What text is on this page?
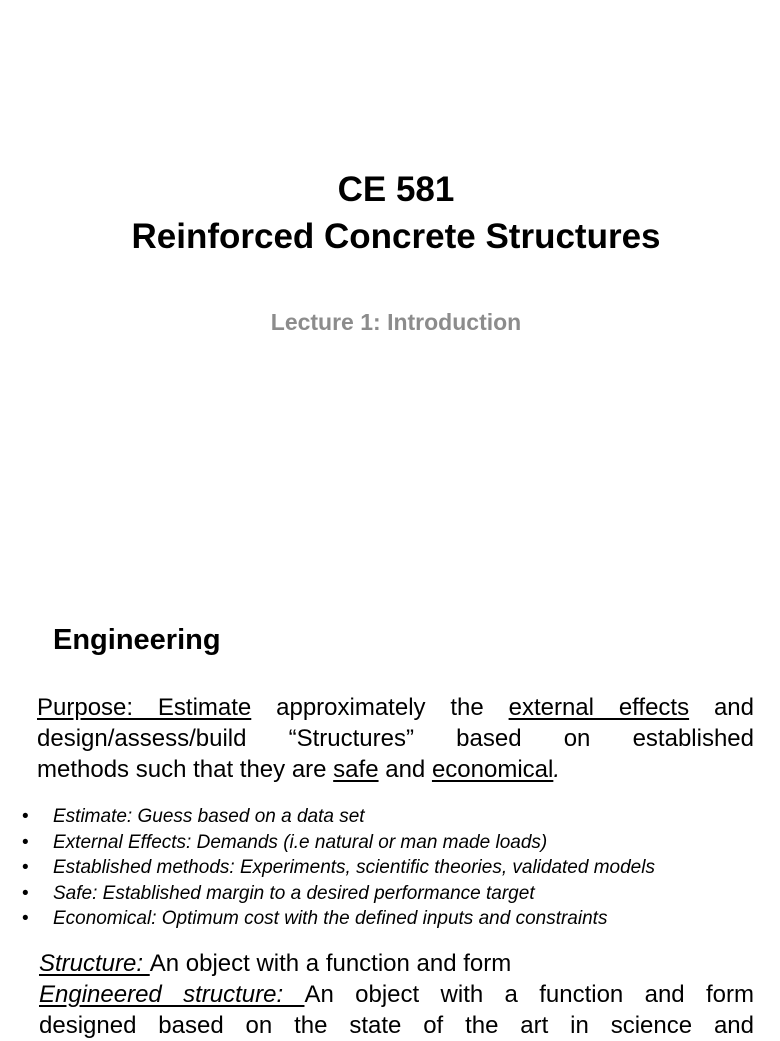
CE 581
Reinforced Concrete Structures
Lecture 1: Introduction
Engineering
Purpose: Estimate approximately the external effects and
design/assess/build “Structures” based on established
methods such that they are safe and economical.
• Estimate: Guess based on a data set
• External Effects: Demands (i.e natural or man made loads)
• Established methods: Experiments, scientific theories, validated models
• Safe: Established margin to a desired performance target
• Economical: Optimum cost with the defined inputs and constraints
Structure: An object with a function and form
Engineered structure: An object with a function and form
designed based on the state of the art in science and
